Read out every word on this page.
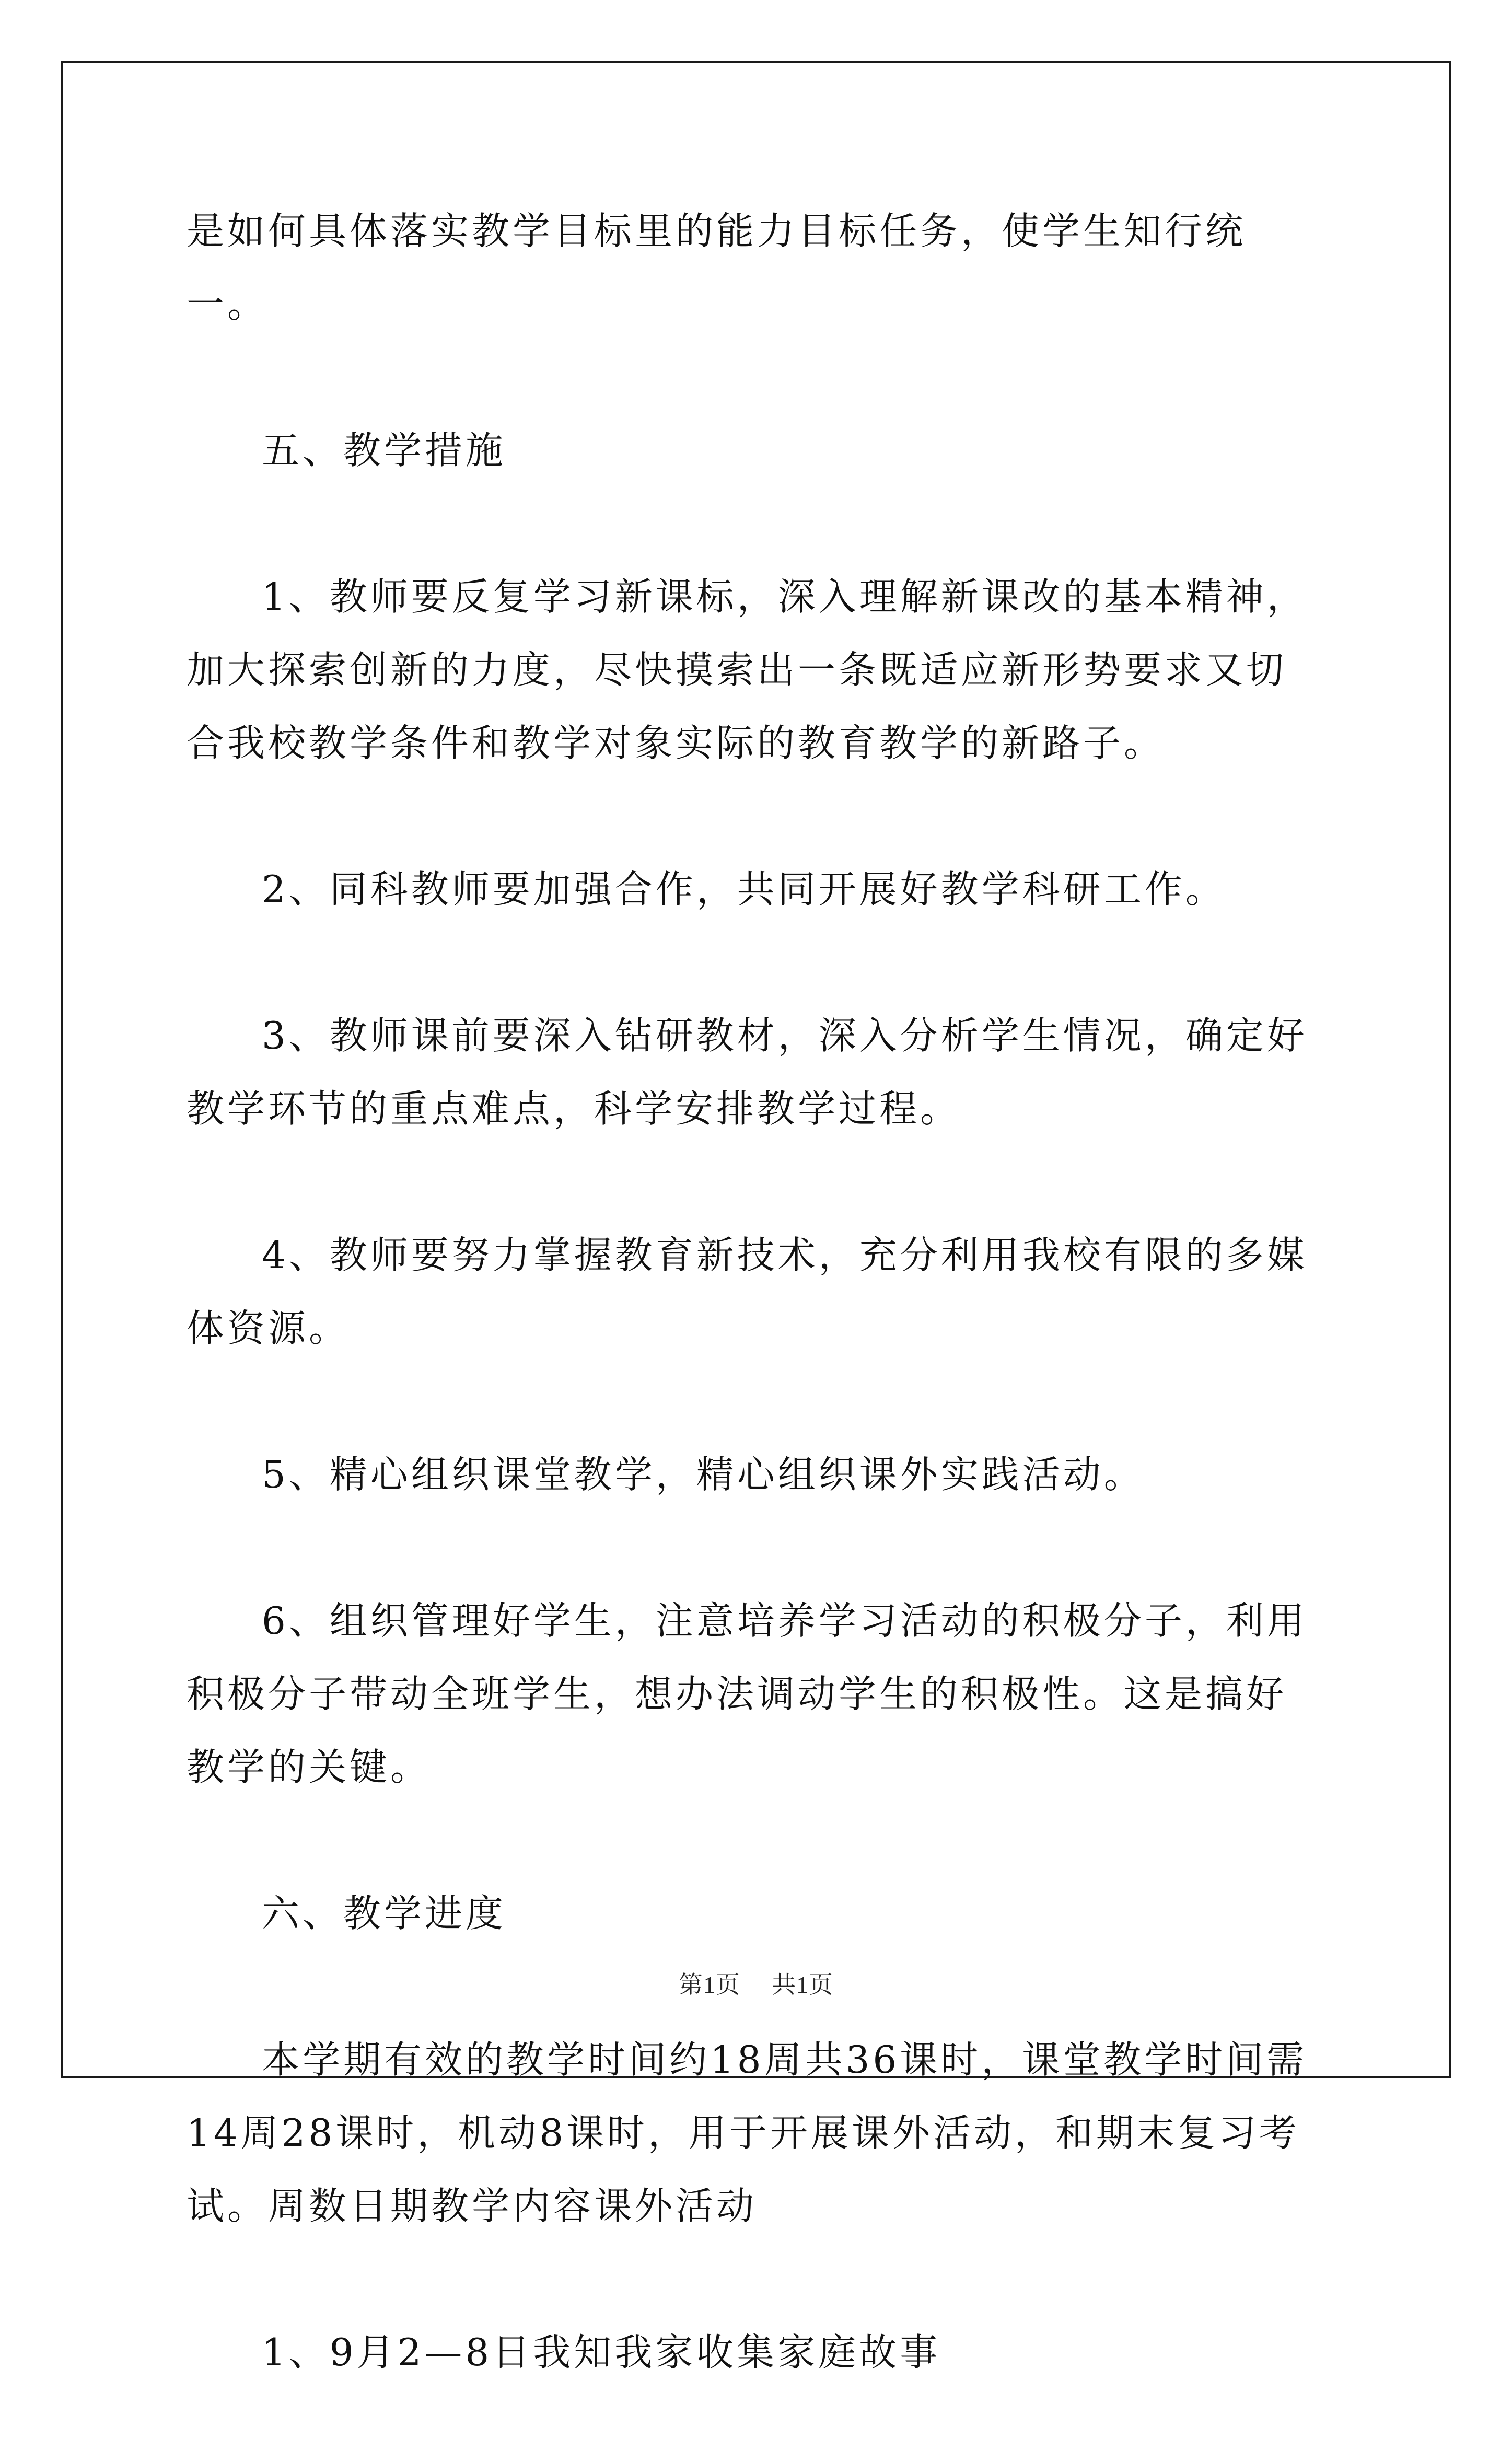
是如何具体落实教学目标里的能力目标任务，使学生知行统一。

五、教学措施

1、教师要反复学习新课标，深入理解新课改的基本精神，加大探索创新的力度，尽快摸索出一条既适应新形势要求又切合我校教学条件和教学对象实际的教育教学的新路子。

2、同科教师要加强合作，共同开展好教学科研工作。

3、教师课前要深入钻研教材，深入分析学生情况，确定好教学环节的重点难点，科学安排教学过程。

4、教师要努力掌握教育新技术，充分利用我校有限的多媒体资源。

5、精心组织课堂教学，精心组织课外实践活动。

6、组织管理好学生，注意培养学习活动的积极分子，利用积极分子带动全班学生，想办法调动学生的积极性。这是搞好教学的关键。

六、教学进度

本学期有效的教学时间约18周共36课时，课堂教学时间需14周28课时，机动8课时，用于开展课外活动，和期末复习考试。周数日期教学内容课外活动

1、9月2—8日我知我家收集家庭故事

第1页 共1页
